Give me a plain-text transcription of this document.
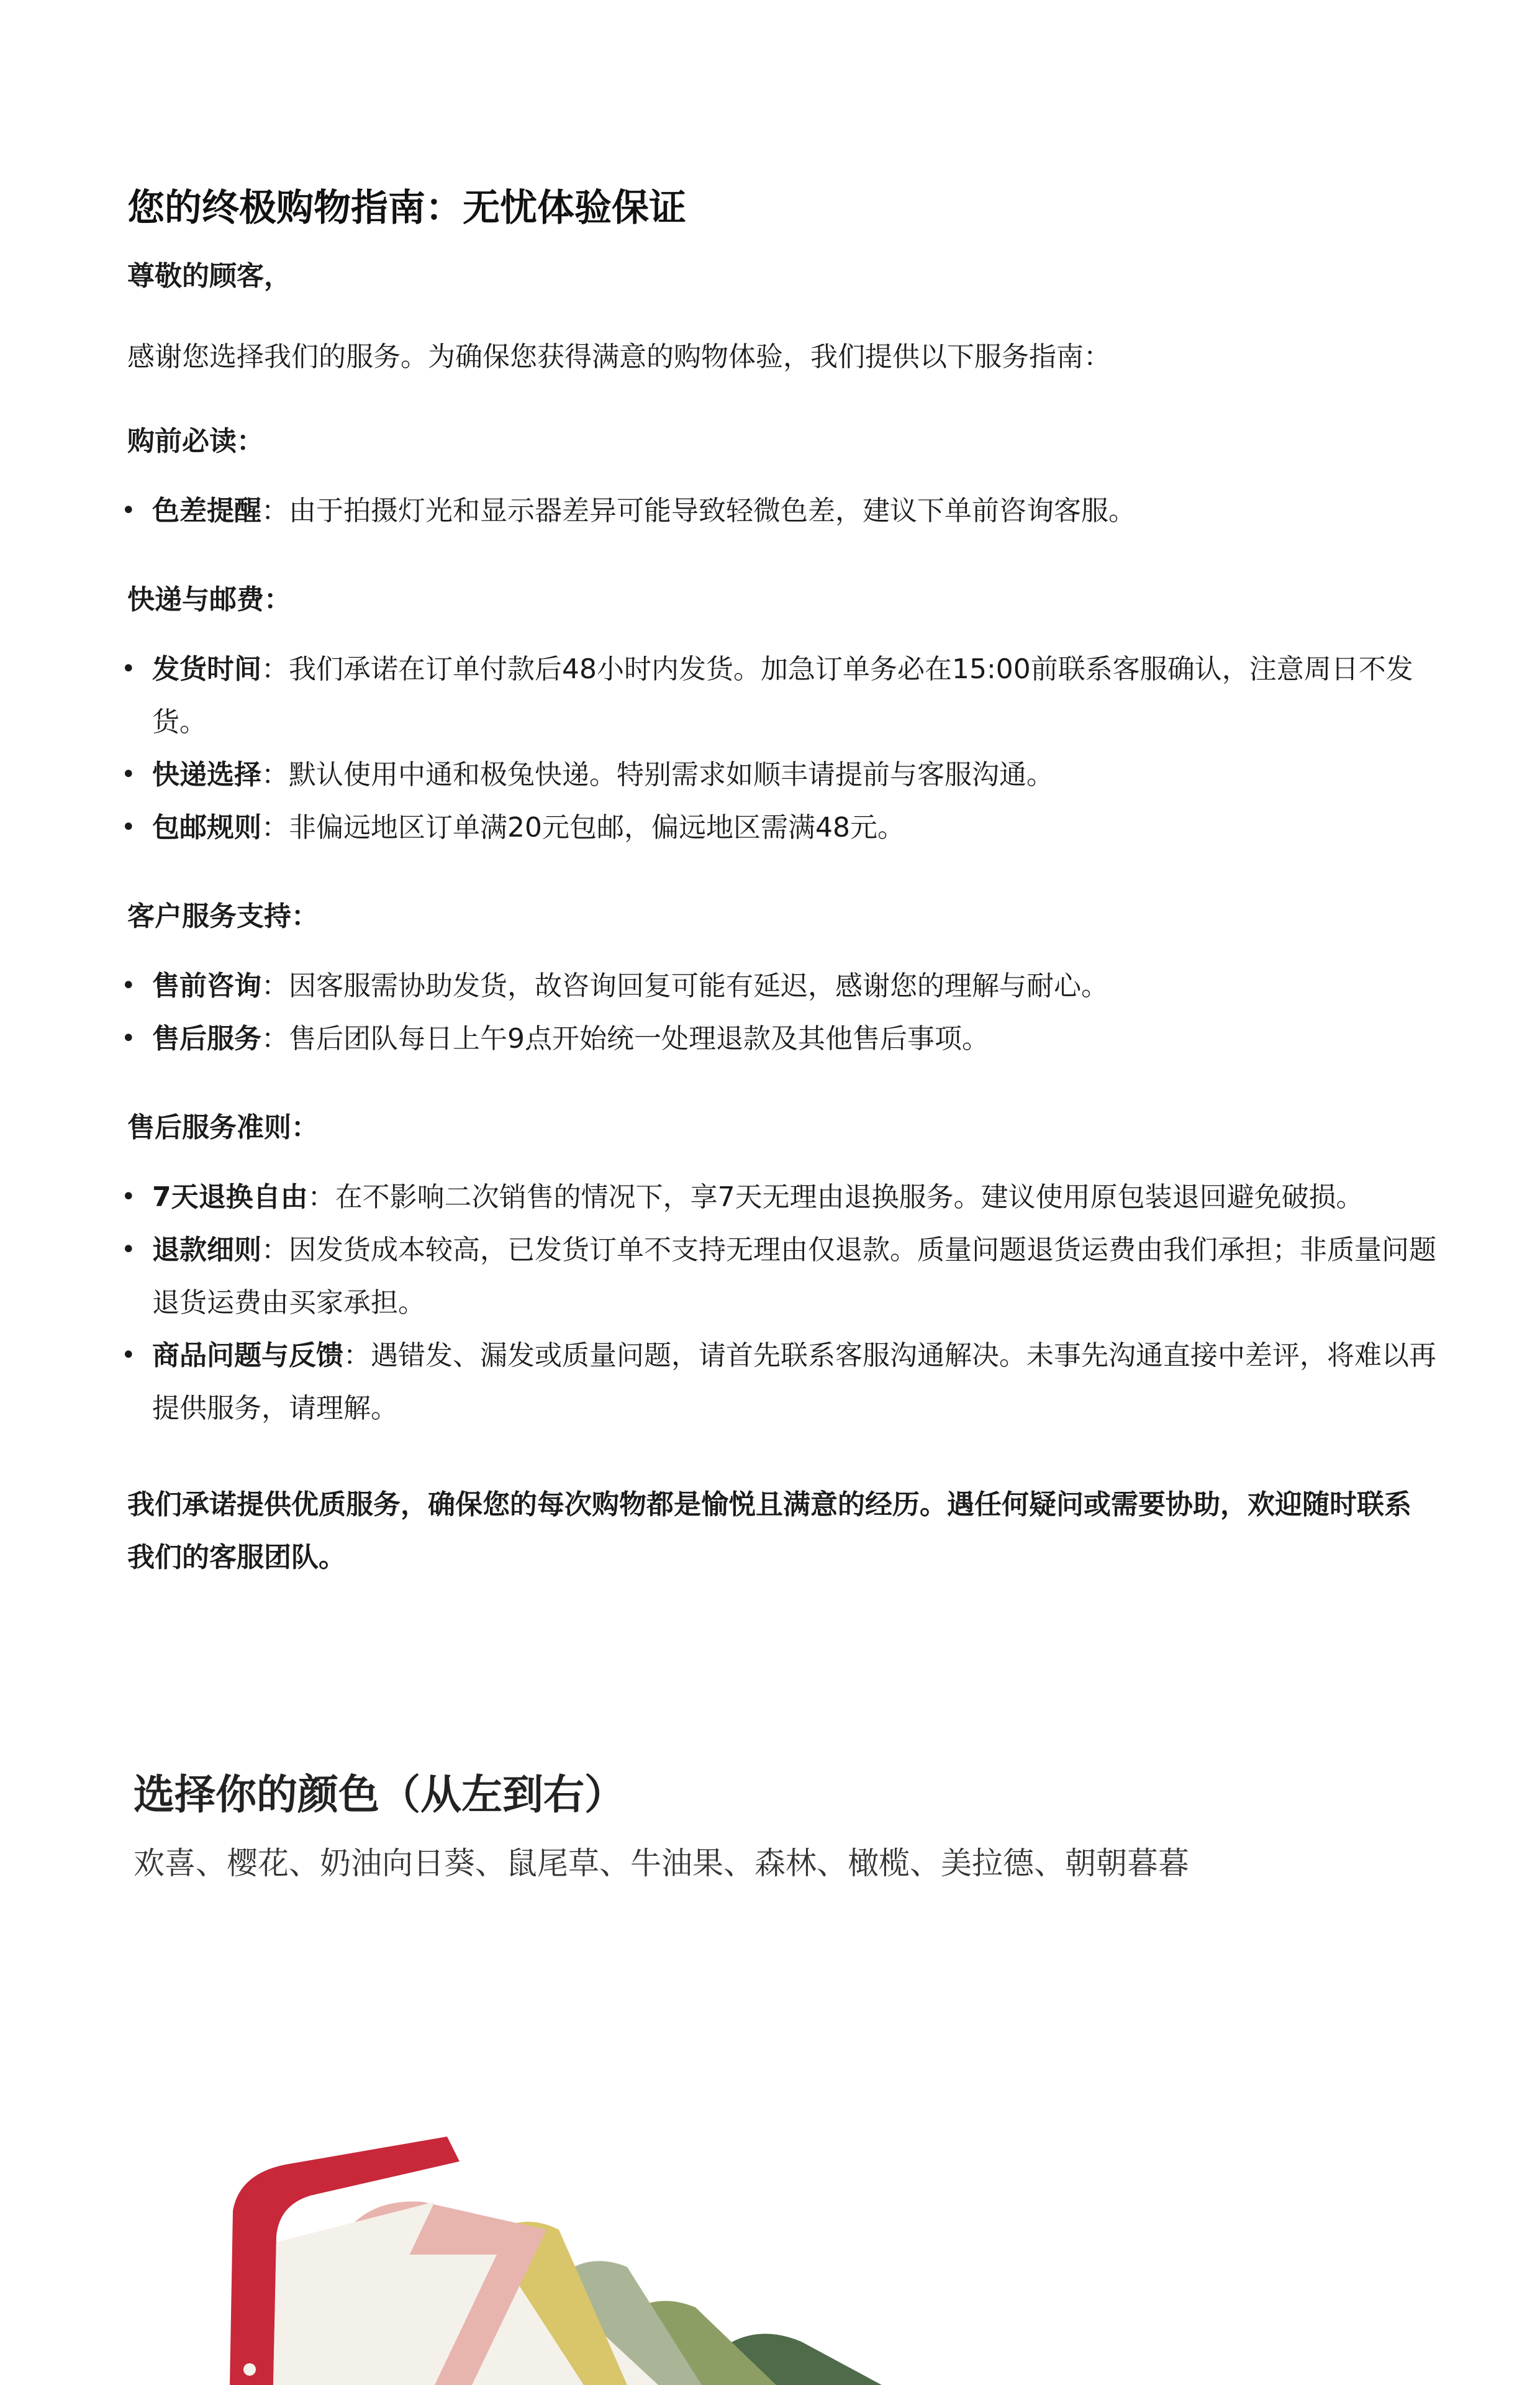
您的终极购物指南：无忧体验保证

尊敬的顾客，

感谢您选择我们的服务。为确保您获得满意的购物体验，我们提供以下服务指南：

购前必读：

• 色差提醒：由于拍摄灯光和显示器差异可能导致轻微色差，建议下单前咨询客服。

快递与邮费：

• 发货时间：我们承诺在订单付款后48小时内发货。加急订单务必在15:00前联系客服确认，注意周日不发货。
• 快递选择：默认使用中通和极兔快递。特别需求如顺丰请提前与客服沟通。
• 包邮规则：非偏远地区订单满20元包邮，偏远地区需满48元。

客户服务支持：

• 售前咨询：因客服需协助发货，故咨询回复可能有延迟，感谢您的理解与耐心。
• 售后服务：售后团队每日上午9点开始统一处理退款及其他售后事项。

售后服务准则：

• 7天退换自由：在不影响二次销售的情况下，享7天无理由退换服务。建议使用原包装退回避免破损。
• 退款细则：因发货成本较高，已发货订单不支持无理由仅退款。质量问题退货运费由我们承担；非质量问题退货运费由买家承担。
• 商品问题与反馈：遇错发、漏发或质量问题，请首先联系客服沟通解决。未事先沟通直接中差评，将难以再提供服务，请理解。

我们承诺提供优质服务，确保您的每次购物都是愉悦且满意的经历。遇任何疑问或需要协助，欢迎随时联系我们的客服团队。

选择你的颜色（从左到右）

欢喜、樱花、奶油向日葵、鼠尾草、牛油果、森林、橄榄、美拉德、朝朝暮暮
